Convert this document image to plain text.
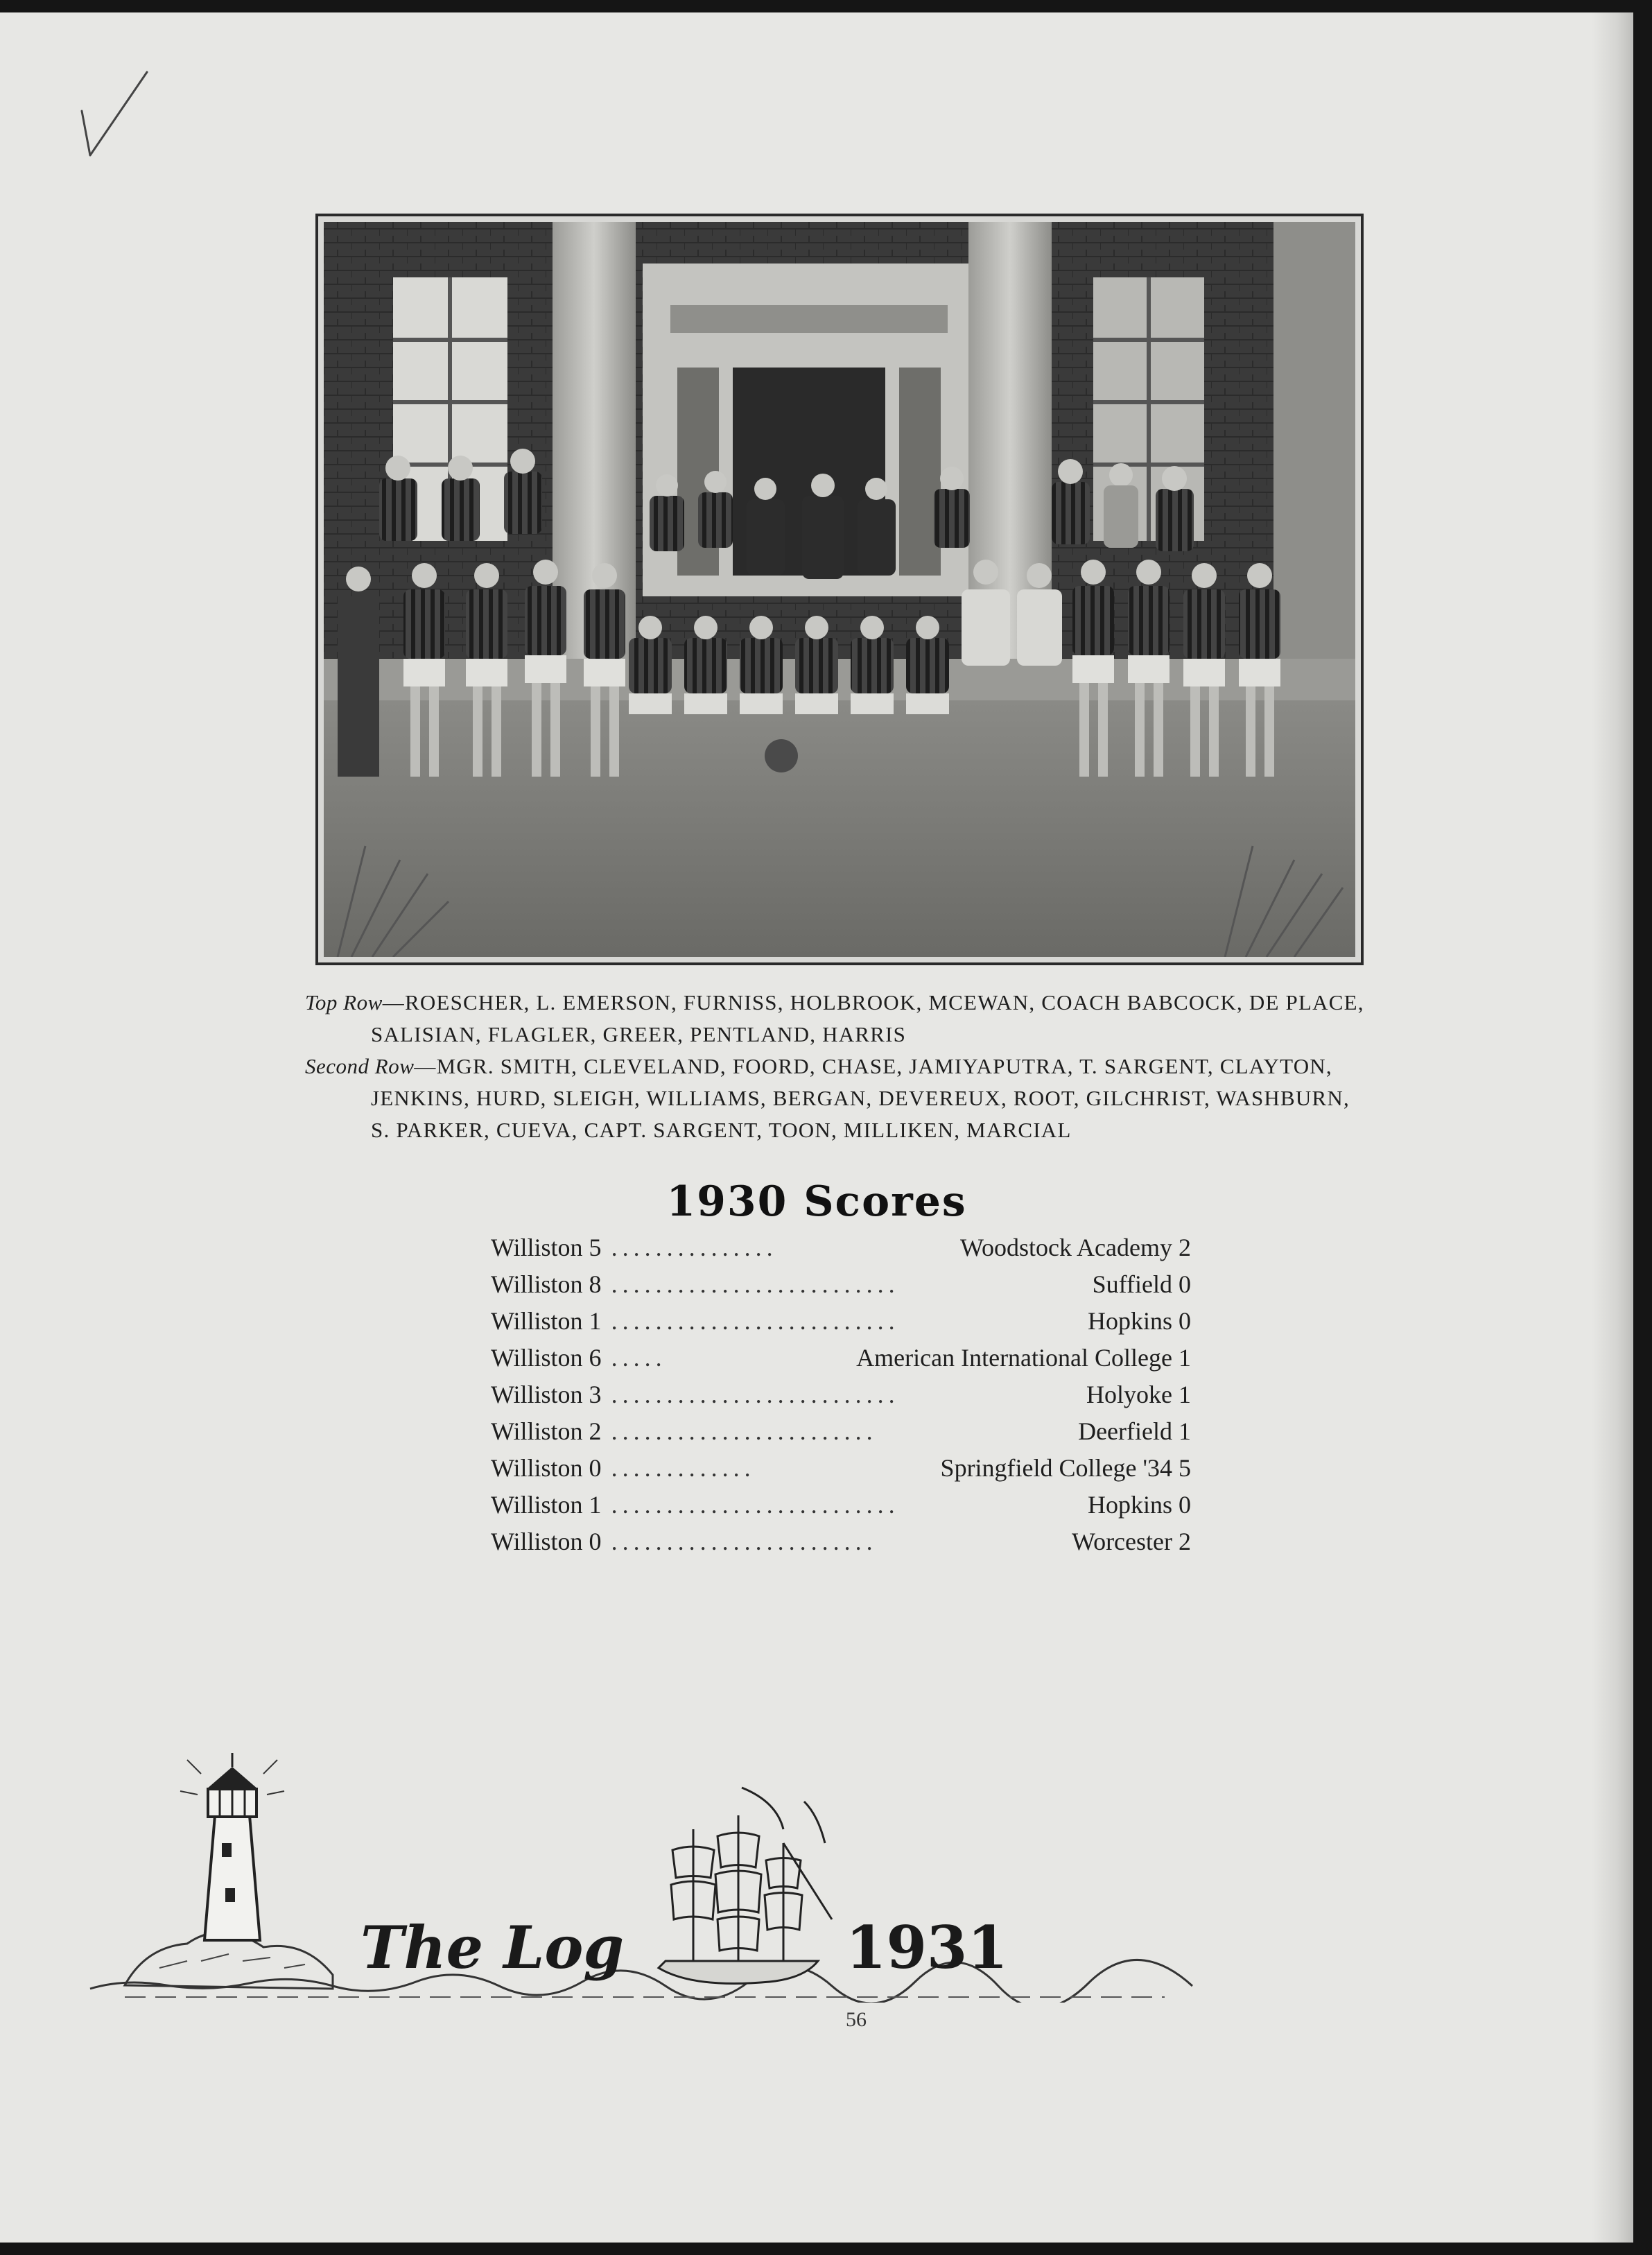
Top Row—ROESCHER, L. EMERSON, FURNISS, HOLBROOK, MCEWAN, COACH BABCOCK, DE PLACE, SALISIAN, FLAGLER, GREER, PENTLAND, HARRIS
Second Row—MGR. SMITH, CLEVELAND, FOORD, CHASE, JAMIYAPUTRA, T. SARGENT, CLAYTON, JENKINS, HURD, SLEIGH, WILLIAMS, BERGAN, DEVEREUX, ROOT, GILCHRIST, WASHBURN, S. PARKER, CUEVA, CAPT. SARGENT, TOON, MILLIKEN, MARCIAL
1930 Scores
Williston 5 ...............	Woodstock Academy 2
Williston 8 ..........................	Suffield 0
Williston 1 ..........................	Hopkins 0
Williston 6 .....	American International College 1
Williston 3 ..........................	Holyoke 1
Williston 2 ........................	Deerfield 1
Williston 0 .............	Springfield College '34 5
Williston 1 ..........................	Hopkins 0
Williston 0 ........................	Worcester 2
The Log	1931
56
